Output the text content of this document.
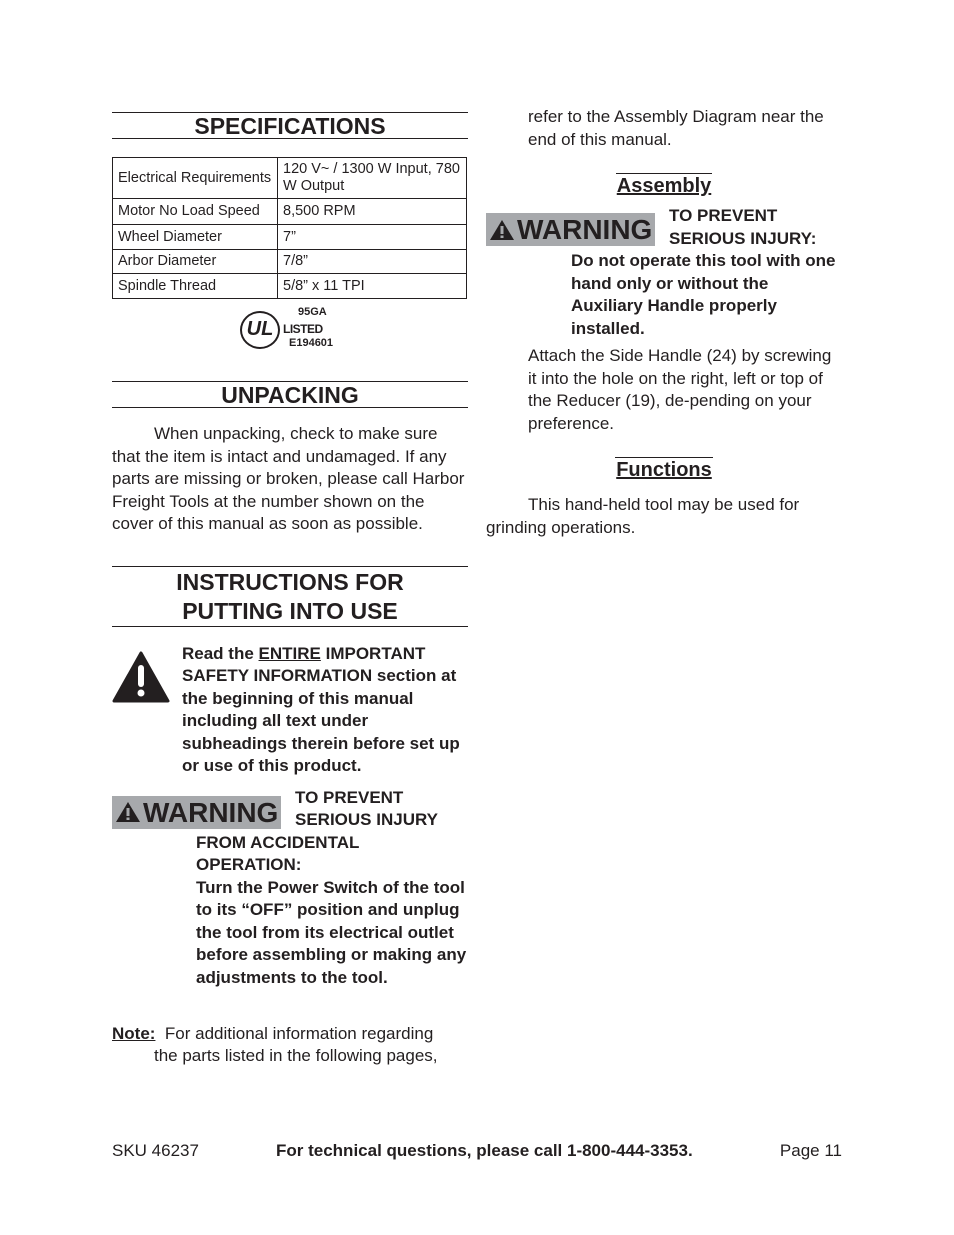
SPECIFICATIONS
Electrical Requirements	120 V~ / 1300 W Input, 780 W Output
Motor No Load Speed	8,500 RPM
Wheel Diameter	7”
Arbor Diameter	7/8”
Spindle Thread	5/8” x 11 TPI
UL
95GA
LISTED
E194601
UNPACKING

When unpacking, check to make sure that the item is intact and undamaged. If any parts are missing or broken, please call Harbor Freight Tools at the number shown on the cover of this manual as soon as possible.

INSTRUCTIONS FOR
PUTTING INTO USE
Read the ENTIRE IMPORTANT SAFETY INFORMATION section at the beginning of this manual including all text under subheadings therein before set up or use of this product.
WARNING TO PREVENT
SERIOUS INJURY
FROM ACCIDENTAL
OPERATION:
Turn the Power Switch of the tool to its “OFF” position and unplug the tool from its electrical outlet before assembling or making any adjustments to the tool.
Note: For additional information regarding
the parts listed in the following pages,

refer to the Assembly Diagram near the end of this manual.

Assembly
WARNING TO PREVENT
SERIOUS INJURY:
Do not operate this tool with one hand only or without the Auxiliary Handle properly installed.

Attach the Side Handle (24) by screwing it into the hole on the right, left or top of the Reducer (19), de-pending on your preference.

Functions
This hand-held tool may be used for
grinding operations.
SKU 46237	For technical questions, please call 1-800-444-3353.	Page 11
